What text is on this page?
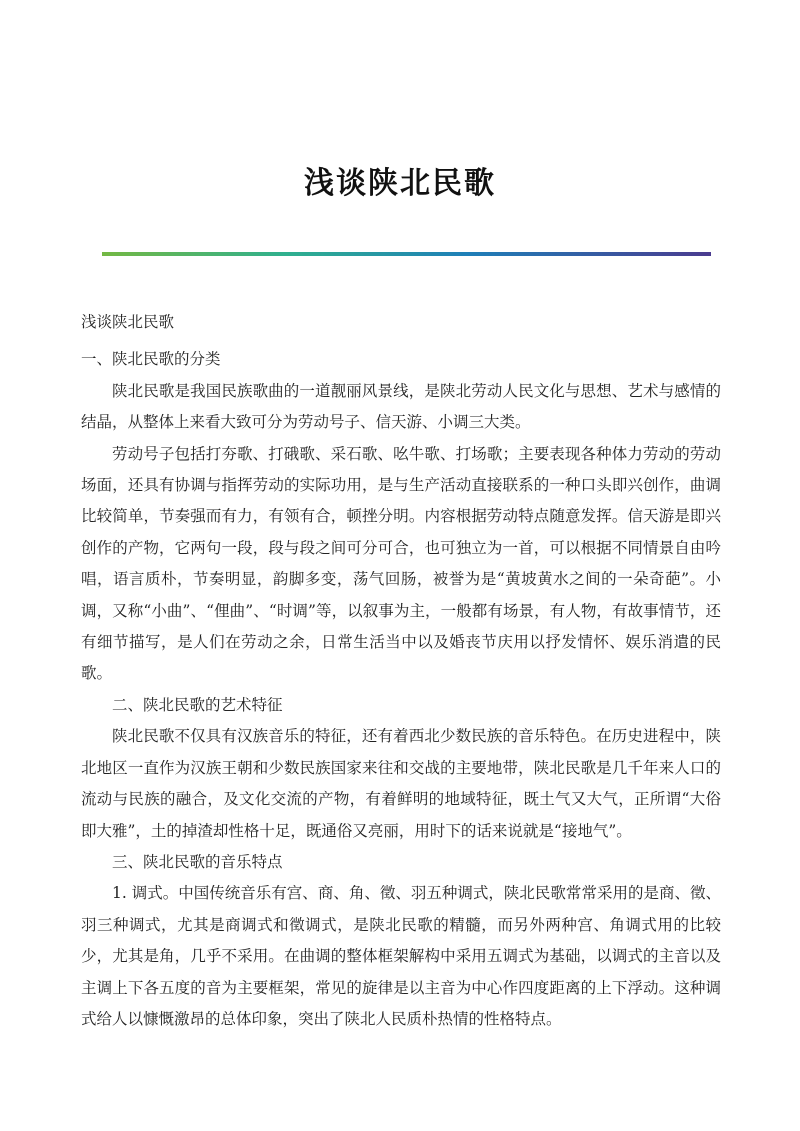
浅谈陕北民歌

浅谈陕北民歌

一、陕北民歌的分类

陕北民歌是我国民族歌曲的一道靓丽风景线，是陕北劳动人民文化与思想、艺术与感情的结晶，从整体上来看大致可分为劳动号子、信天游、小调三大类。

劳动号子包括打夯歌、打硪歌、采石歌、吆牛歌、打场歌；主要表现各种体力劳动的劳动场面，还具有协调与指挥劳动的实际功用，是与生产活动直接联系的一种口头即兴创作，曲调比较简单，节奏强而有力，有领有合，顿挫分明。内容根据劳动特点随意发挥。信天游是即兴创作的产物，它两句一段，段与段之间可分可合，也可独立为一首，可以根据不同情景自由吟唱，语言质朴，节奏明显，韵脚多变，荡气回肠，被誉为是“黄坡黄水之间的一朵奇葩”。小调，又称“小曲”、“俚曲”、“时调”等，以叙事为主，一般都有场景，有人物，有故事情节，还有细节描写，是人们在劳动之余，日常生活当中以及婚丧节庆用以抒发情怀、娱乐消遣的民歌。

二、陕北民歌的艺术特征

陕北民歌不仅具有汉族音乐的特征，还有着西北少数民族的音乐特色。在历史进程中，陕北地区一直作为汉族王朝和少数民族国家来往和交战的主要地带，陕北民歌是几千年来人口的流动与民族的融合，及文化交流的产物，有着鲜明的地域特征，既土气又大气，正所谓“大俗即大雅”，土的掉渣却性格十足，既通俗又亮丽，用时下的话来说就是“接地气”。

三、陕北民歌的音乐特点

1. 调式。中国传统音乐有宫、商、角、徵、羽五种调式，陕北民歌常常采用的是商、徵、羽三种调式，尤其是商调式和徵调式，是陕北民歌的精髓，而另外两种宫、角调式用的比较少，尤其是角，几乎不采用。在曲调的整体框架解构中采用五调式为基础，以调式的主音以及主调上下各五度的音为主要框架，常见的旋律是以主音为中心作四度距离的上下浮动。这种调式给人以慷慨激昂的总体印象，突出了陕北人民质朴热情的性格特点。
